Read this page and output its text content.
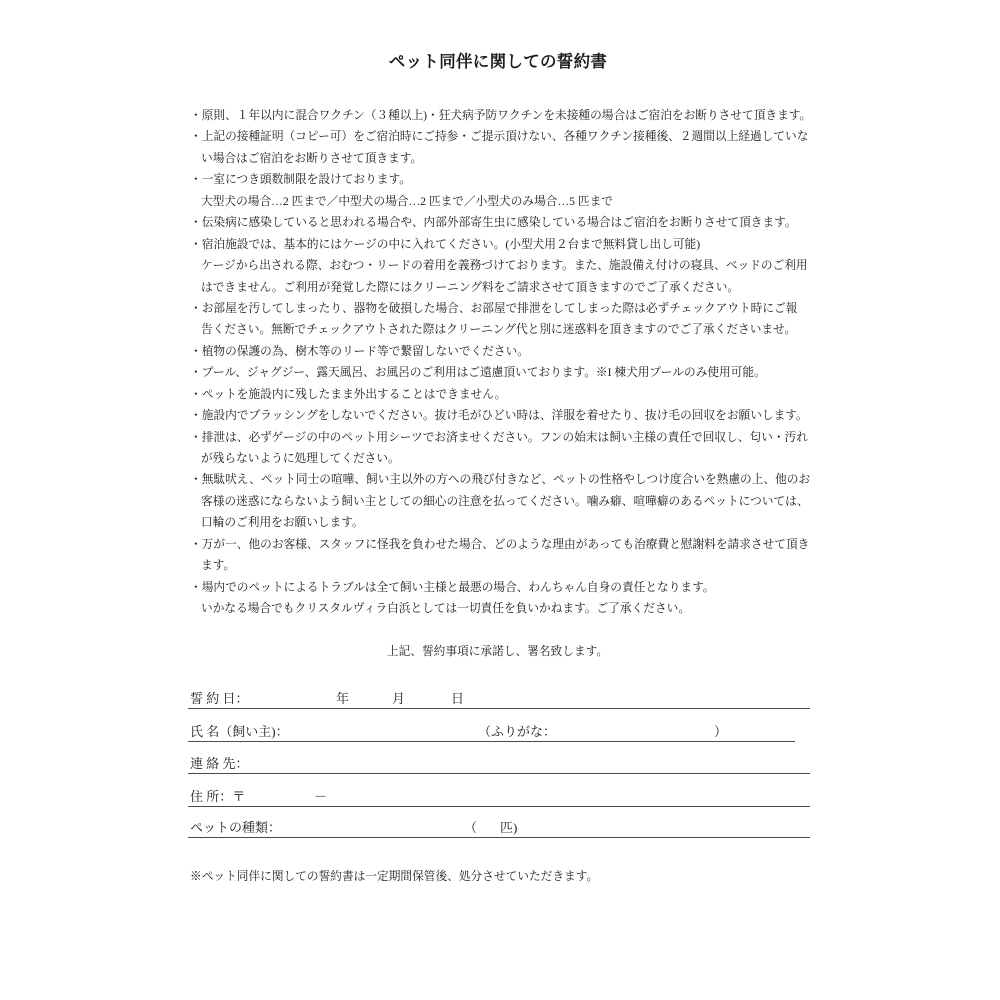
ペット同伴に関しての誓約書
・原則、１年以内に混合ワクチン（３種以上)・狂犬病予防ワクチンを未接種の場合はご宿泊をお断りさせて頂きます。
・上記の接種証明（コピー可）をご宿泊時にご持参・ご提示頂けない、各種ワクチン接種後、２週間以上経過していな
い場合はご宿泊をお断りさせて頂きます。
・一室につき頭数制限を設けております。
大型犬の場合…2 匹まで／中型犬の場合…2 匹まで／小型犬のみ場合…5 匹まで
・伝染病に感染していると思われる場合や、内部外部寄生虫に感染している場合はご宿泊をお断りさせて頂きます。
・宿泊施設では、基本的にはケージの中に入れてください。(小型犬用２台まで無料貸し出し可能)
ケージから出される際、おむつ・リードの着用を義務づけております。また、施設備え付けの寝具、ベッドのご利用
はできません。ご利用が発覚した際にはクリーニング料をご請求させて頂きますのでご了承ください。
・お部屋を汚してしまったり、器物を破損した場合、お部屋で排泄をしてしまった際は必ずチェックアウト時にご報
告ください。無断でチェックアウトされた際はクリーニング代と別に迷惑料を頂きますのでご了承くださいませ。
・植物の保護の為、樹木等のリード等で繋留しないでください。
・プール、ジャグジー、露天風呂、お風呂のご利用はご遠慮頂いております。※I 棟犬用プールのみ使用可能。
・ペットを施設内に残したまま外出することはできません。
・施設内でブラッシングをしないでください。抜け毛がひどい時は、洋服を着せたり、抜け毛の回収をお願いします。
・排泄は、必ずゲージの中のペット用シーツでお済ませください。フンの始末は飼い主様の責任で回収し、匂い・汚れ
が残らないように処理してください。
・無駄吠え、ペット同士の喧嘩、飼い主以外の方への飛び付きなど、ペットの性格やしつけ度合いを熟慮の上、他のお
客様の迷惑にならないよう飼い主としての細心の注意を払ってください。噛み癖、喧嘩癖のあるペットについては、
口輪のご利用をお願いします。
・万が一、他のお客様、スタッフに怪我を負わせた場合、どのような理由があっても治療費と慰謝料を請求させて頂き
ます。
・場内でのペットによるトラブルは全て飼い主様と最悪の場合、わんちゃん自身の責任となります。
いかなる場合でもクリスタルヴィラ白浜としては一切責任を負いかねます。ご了承ください。
上記、誓約事項に承諾し、署名致します。
誓 約 日：	年	月	日
氏 名（飼い主)：	（ふりがな：	）
連 絡 先：
住 所：〒	－
ペットの種類：	（ 匹)
※ペット同伴に関しての誓約書は一定期間保管後、処分させていただきます。
